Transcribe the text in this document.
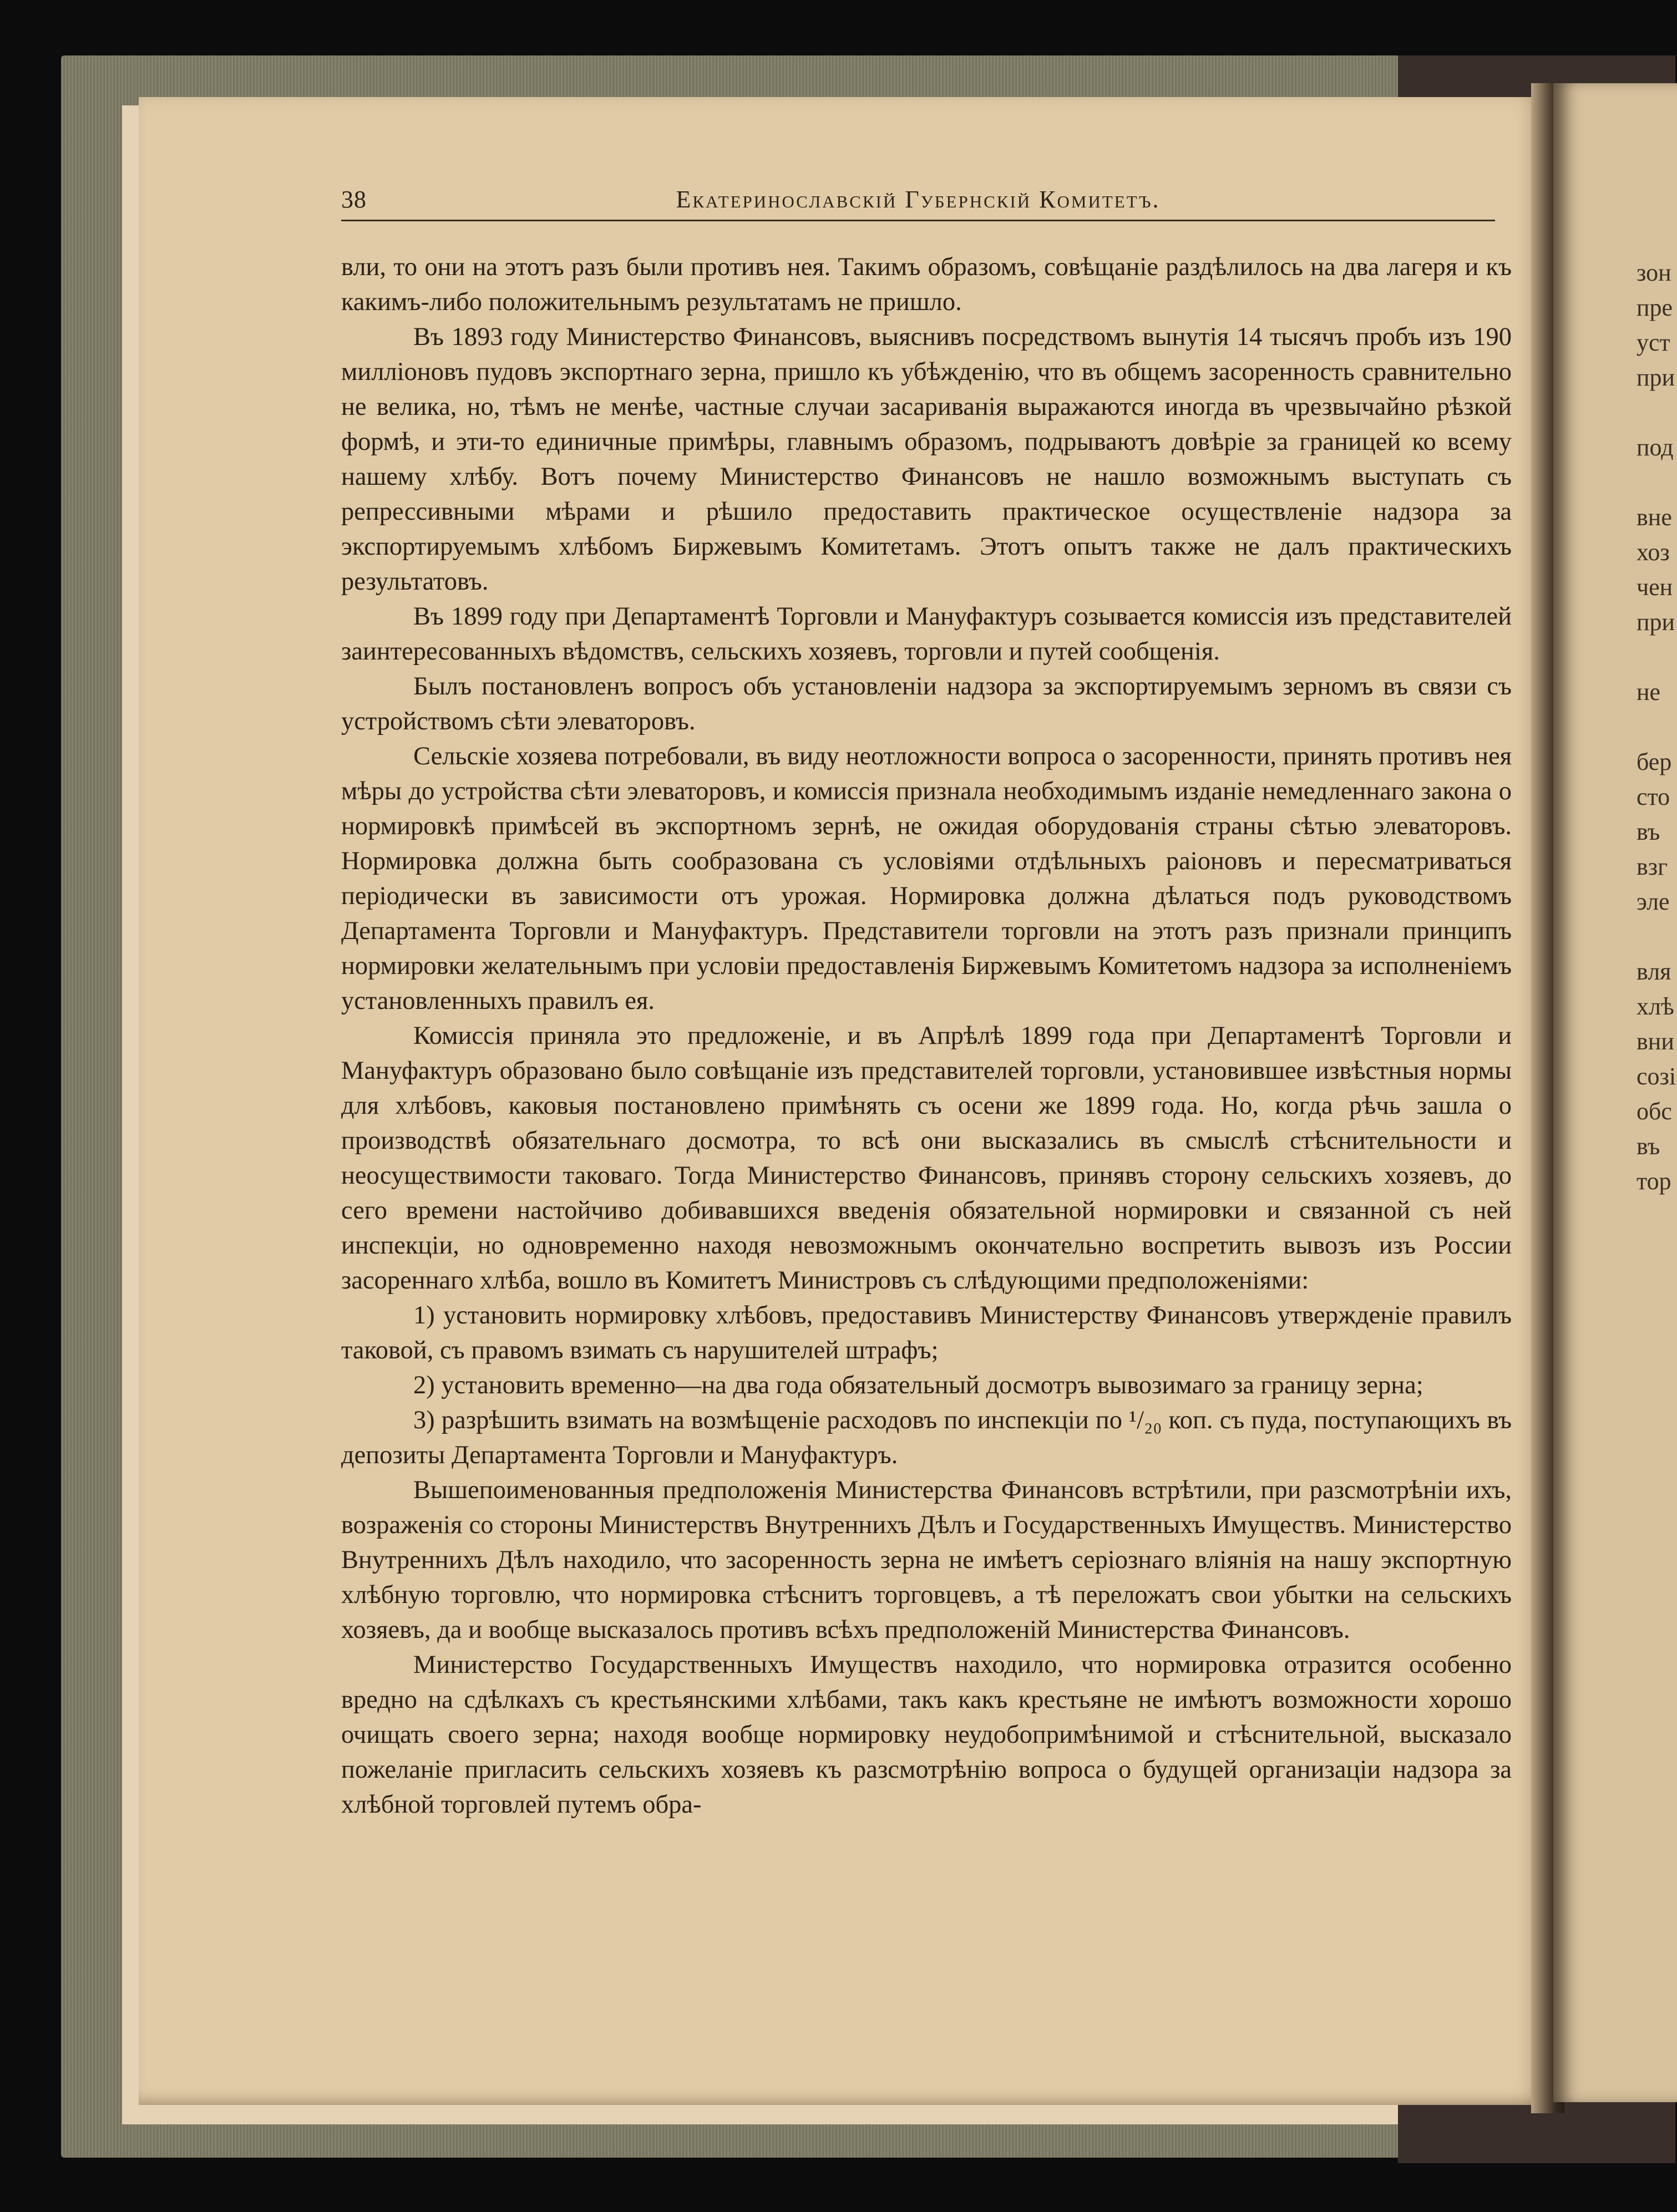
38	Екатеринославскій Губернскій Комитетъ.

вли, то они на этотъ разъ были противъ нея. Такимъ образомъ, совѣщаніе раздѣлилось на два лагеря и къ какимъ-либо положительнымъ результатамъ не пришло.

Въ 1893 году Министерство Финансовъ, выяснивъ посредствомъ вынутія 14 тысячъ пробъ изъ 190 милліоновъ пудовъ экспортнаго зерна, пришло къ убѣжденію, что въ общемъ засоренность сравнительно не велика, но, тѣмъ не менѣе, частные случаи засариванія выражаются иногда въ чрезвычайно рѣзкой формѣ, и эти-то единичные примѣры, главнымъ образомъ, подрываютъ довѣріе за границей ко всему нашему хлѣбу. Вотъ почему Министерство Финансовъ не нашло возможнымъ выступать съ репрессивными мѣрами и рѣшило предоставить практическое осуществленіе надзора за экспортируемымъ хлѣбомъ Биржевымъ Комитетамъ. Этотъ опытъ также не далъ практическихъ результатовъ.

Въ 1899 году при Департаментѣ Торговли и Мануфактуръ созывается комиссія изъ представителей заинтересованныхъ вѣдомствъ, сельскихъ хозяевъ, торговли и путей сообщенія.

Былъ постановленъ вопросъ объ установленіи надзора за экспортируемымъ зерномъ въ связи съ устройствомъ сѣти элеваторовъ.

Сельскіе хозяева потребовали, въ виду неотложности вопроса о засоренности, принять противъ нея мѣры до устройства сѣти элеваторовъ, и комиссія признала необходимымъ изданіе немедленнаго закона о нормировкѣ примѣсей въ экспортномъ зернѣ, не ожидая оборудованія страны сѣтью элеваторовъ. Нормировка должна быть сообразована съ условіями отдѣльныхъ раіоновъ и пересматриваться періодически въ зависимости отъ урожая. Нормировка должна дѣлаться подъ руководствомъ Департамента Торговли и Мануфактуръ. Представители торговли на этотъ разъ признали принципъ нормировки желательнымъ при условіи предоставленія Биржевымъ Комитетомъ надзора за исполненіемъ установленныхъ правилъ ея.

Комиссія приняла это предложеніе, и въ Апрѣлѣ 1899 года при Департаментѣ Торговли и Мануфактуръ образовано было совѣщаніе изъ представителей торговли, установившее извѣстныя нормы для хлѣбовъ, каковыя постановлено примѣнять съ осени же 1899 года. Но, когда рѣчь зашла о производствѣ обязательнаго досмотра, то всѣ они высказались въ смыслѣ стѣснительности и неосуществимости таковаго. Тогда Министерство Финансовъ, принявъ сторону сельскихъ хозяевъ, до сего времени настойчиво добивавшихся введенія обязательной нормировки и связанной съ ней инспекціи, но одновременно находя невозможнымъ окончательно воспретить вывозъ изъ России засореннаго хлѣба, вошло въ Комитетъ Министровъ съ слѣдующими предположеніями:

1) установить нормировку хлѣбовъ, предоставивъ Министерству Финансовъ утвержденіе правилъ таковой, съ правомъ взимать съ нарушителей штрафъ;

2) установить временно—на два года обязательный досмотръ вывозимаго за границу зерна;

3) разрѣшить взимать на возмѣщеніе расходовъ по инспекціи по ¹/₂₀ коп. съ пуда, поступающихъ въ депозиты Департамента Торговли и Мануфактуръ.

Вышепоименованныя предположенія Министерства Финансовъ встрѣтили, при разсмотрѣніи ихъ, возраженія со стороны Министерствъ Внутреннихъ Дѣлъ и Государственныхъ Имуществъ. Министерство Внутреннихъ Дѣлъ находило, что засоренность зерна не имѣетъ серіознаго вліянія на нашу экспортную хлѣбную торговлю, что нормировка стѣснитъ торговцевъ, а тѣ переложатъ свои убытки на сельскихъ хозяевъ, да и вообще высказалось противъ всѣхъ предположеній Министерства Финансовъ.

Министерство Государственныхъ Имуществъ находило, что нормировка отразится особенно вредно на сдѣлкахъ съ крестьянскими хлѣбами, такъ какъ крестьяне не имѣютъ возможности хорошо очищать своего зерна; находя вообще нормировку неудобопримѣнимой и стѣснительной, высказало пожеланіе пригласить сельскихъ хозяевъ къ разсмотрѣнію вопроса о будущей организаціи надзора за хлѣбной торговлей путемъ обра-

зон
пре
уст
при
под
вне
хоз
чен
при
не
бер
сто
въ
взг
эле
вля
хлѣ
вни
созі
обс
въ
тор
